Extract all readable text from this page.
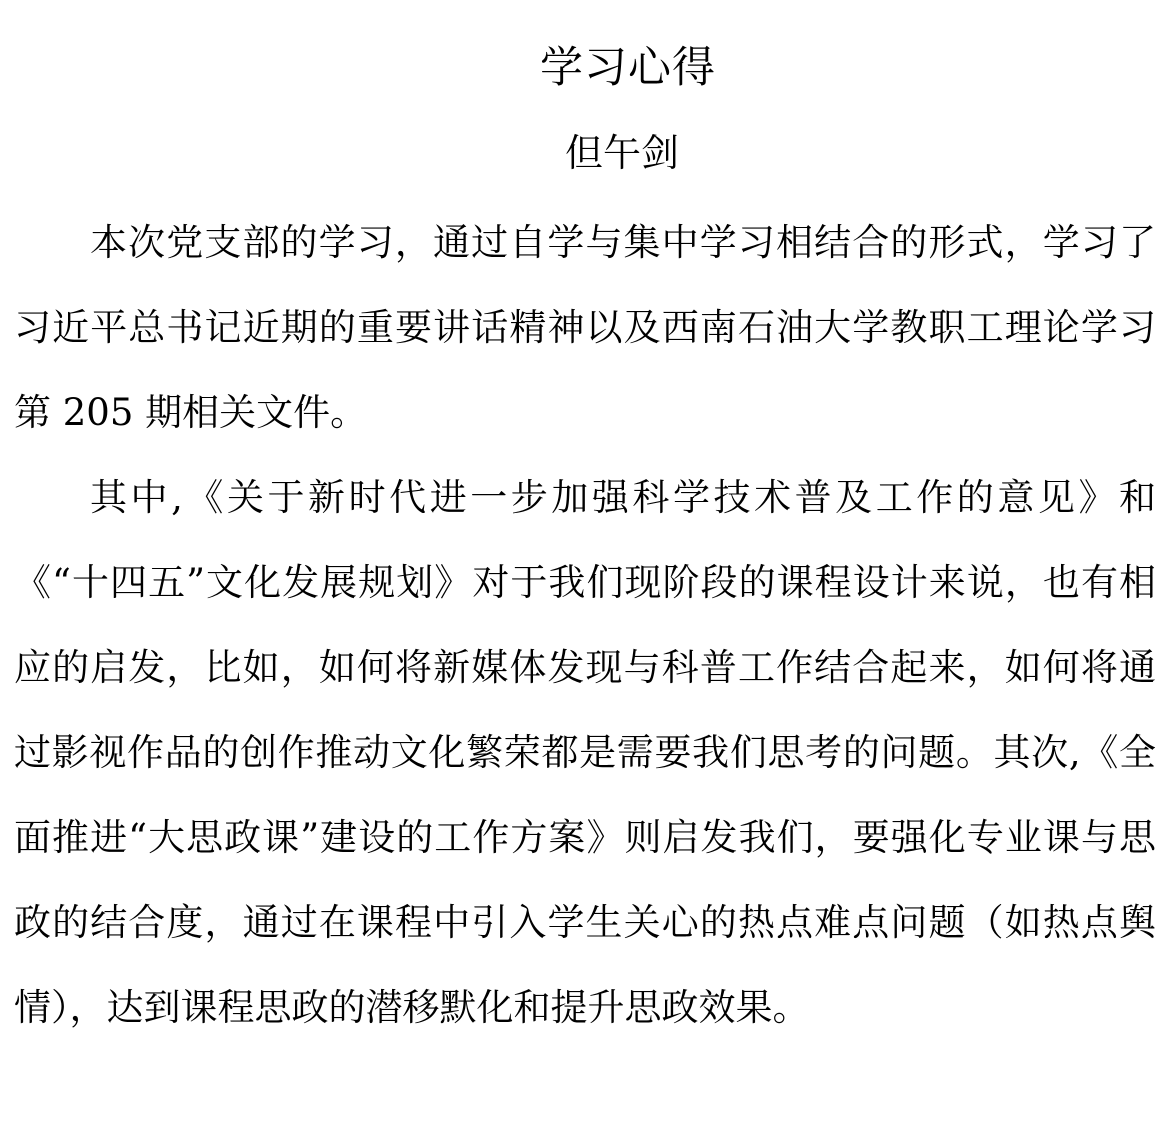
学习心得
但午剑

本次党支部的学习，通过自学与集中学习相结合的形式，学习了习近平总书记近期的重要讲话精神以及西南石油大学教职工理论学习第 205 期相关文件。

其中,《关于新时代进一步加强科学技术普及工作的意见》和《“十四五”文化发展规划》对于我们现阶段的课程设计来说，也有相应的启发，比如，如何将新媒体发现与科普工作结合起来，如何将通过影视作品的创作推动文化繁荣都是需要我们思考的问题。其次,《全面推进“大思政课”建设的工作方案》则启发我们，要强化专业课与思政的结合度，通过在课程中引入学生关心的热点难点问题（如热点舆情），达到课程思政的潜移默化和提升思政效果。
